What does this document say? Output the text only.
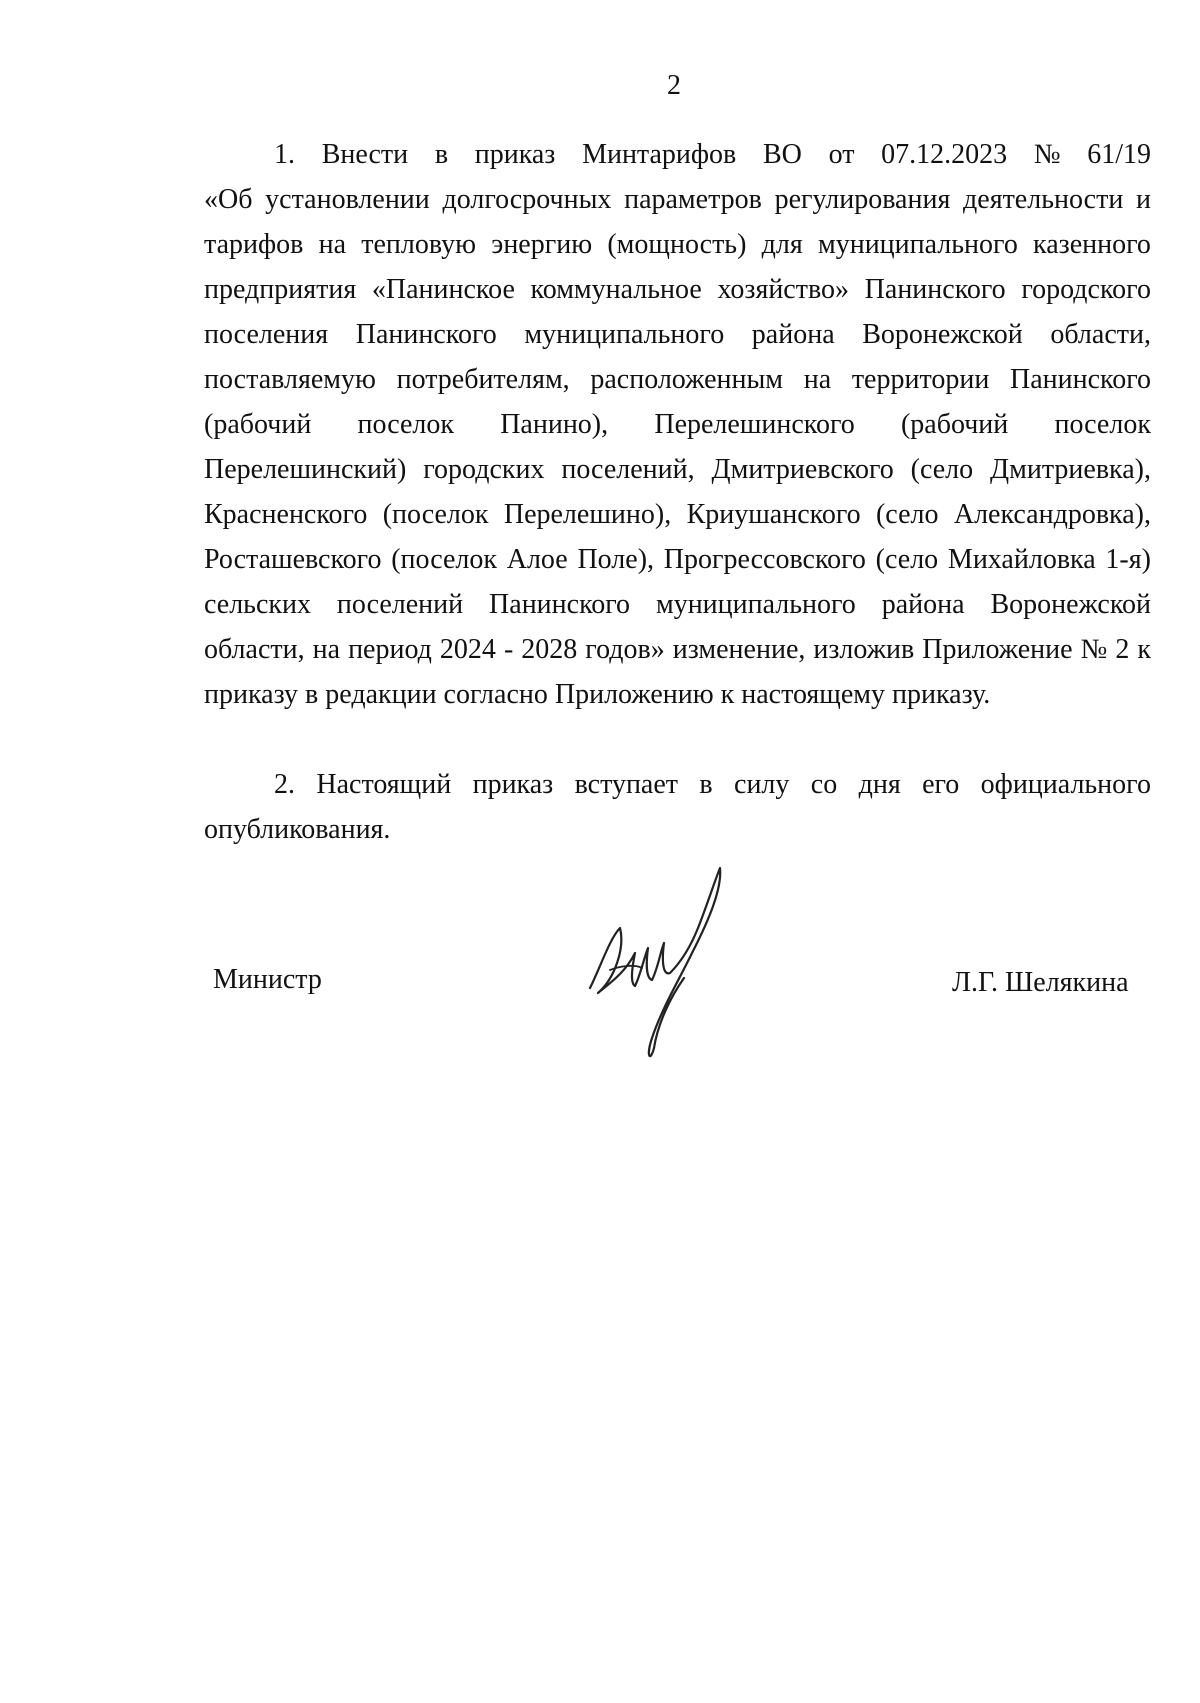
2
1. Внести в приказ Минтарифов ВО от 07.12.2023 № 61/19
«Об установлении долгосрочных параметров регулирования деятельности и
тарифов на тепловую энергию (мощность) для муниципального казенного
предприятия «Панинское коммунальное хозяйство» Панинского городского
поселения Панинского муниципального района Воронежской области,
поставляемую потребителям, расположенным на территории Панинского
(рабочий поселок Панино), Перелешинского (рабочий поселок
Перелешинский) городских поселений, Дмитриевского (село Дмитриевка),
Красненского (поселок Перелешино), Криушанского (село Александровка),
Росташевского (поселок Алое Поле), Прогрессовского (село Михайловка 1-я)
сельских поселений Панинского муниципального района Воронежской
области, на период 2024 - 2028 годов» изменение, изложив Приложение № 2 к
приказу в редакции согласно Приложению к настоящему приказу.
2. Настоящий приказ вступает в силу со дня его официального
опубликования.
Министр	Л.Г. Шелякина
